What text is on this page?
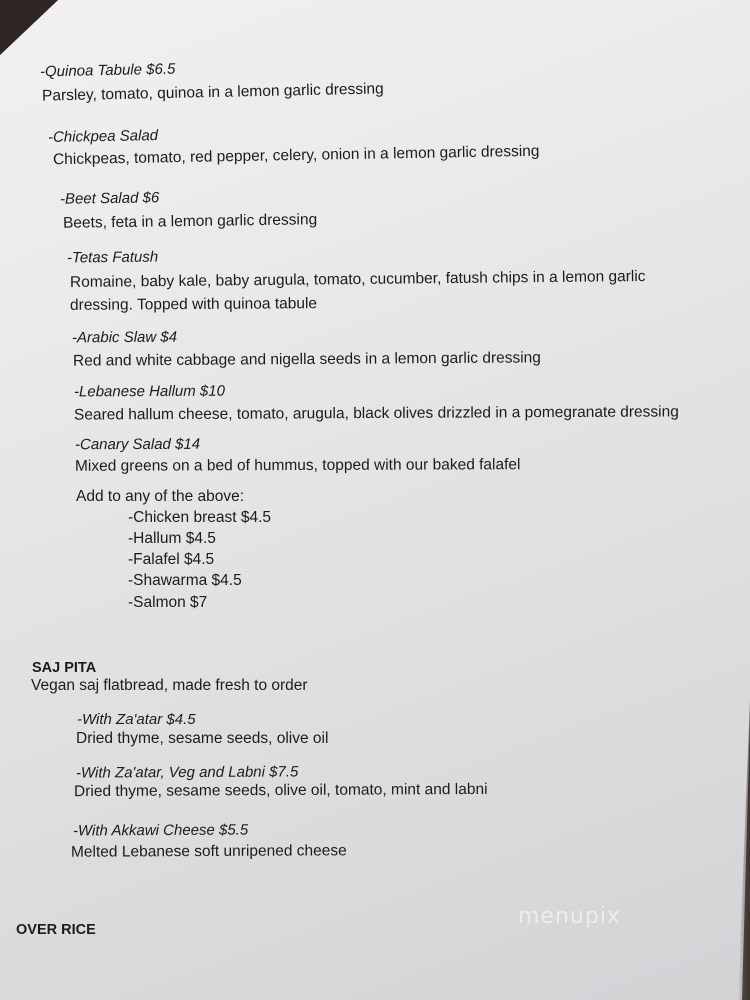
-Quinoa Tabule $6.5
Parsley, tomato, quinoa in a lemon garlic dressing
-Chickpea Salad
Chickpeas, tomato, red pepper, celery, onion in a lemon garlic dressing
-Beet Salad $6
Beets, feta in a lemon garlic dressing
-Tetas Fatush
Romaine, baby kale, baby arugula, tomato, cucumber, fatush chips in a lemon garlic
dressing. Topped with quinoa tabule
-Arabic Slaw $4
Red and white cabbage and nigella seeds in a lemon garlic dressing
-Lebanese Hallum $10
Seared hallum cheese, tomato, arugula, black olives drizzled in a pomegranate dressing
-Canary Salad $14
Mixed greens on a bed of hummus, topped with our baked falafel
Add to any of the above:
-Chicken breast $4.5
-Hallum $4.5
-Falafel $4.5
-Shawarma $4.5
-Salmon $7
SAJ PITA
Vegan saj flatbread, made fresh to order
-With Za'atar $4.5
Dried thyme, sesame seeds, olive oil
-With Za'atar, Veg and Labni $7.5
Dried thyme, sesame seeds, olive oil, tomato, mint and labni
-With Akkawi Cheese $5.5
Melted Lebanese soft unripened cheese
OVER RICE
menupix
